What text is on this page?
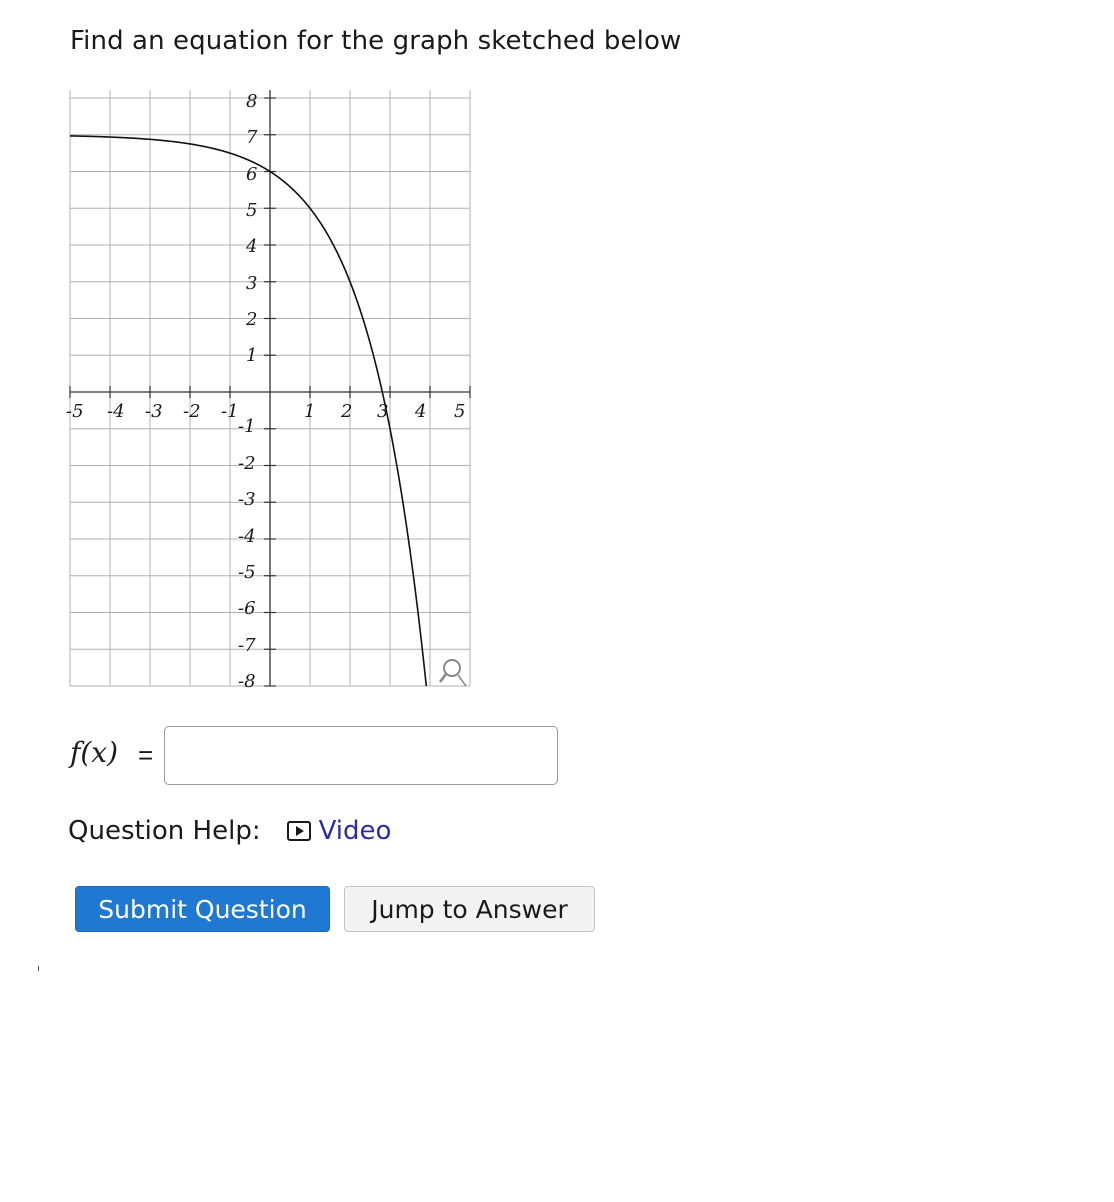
Find an equation for the graph sketched below
-5 -4 -3 -2 -1	1 2 3 4 5
8
7
6
5
4
3
2
1
-1
-2
-3
-4
-5
-6
-7
-8
f(x) =
Question Help: Video
Submit Question	Jump to Answer
